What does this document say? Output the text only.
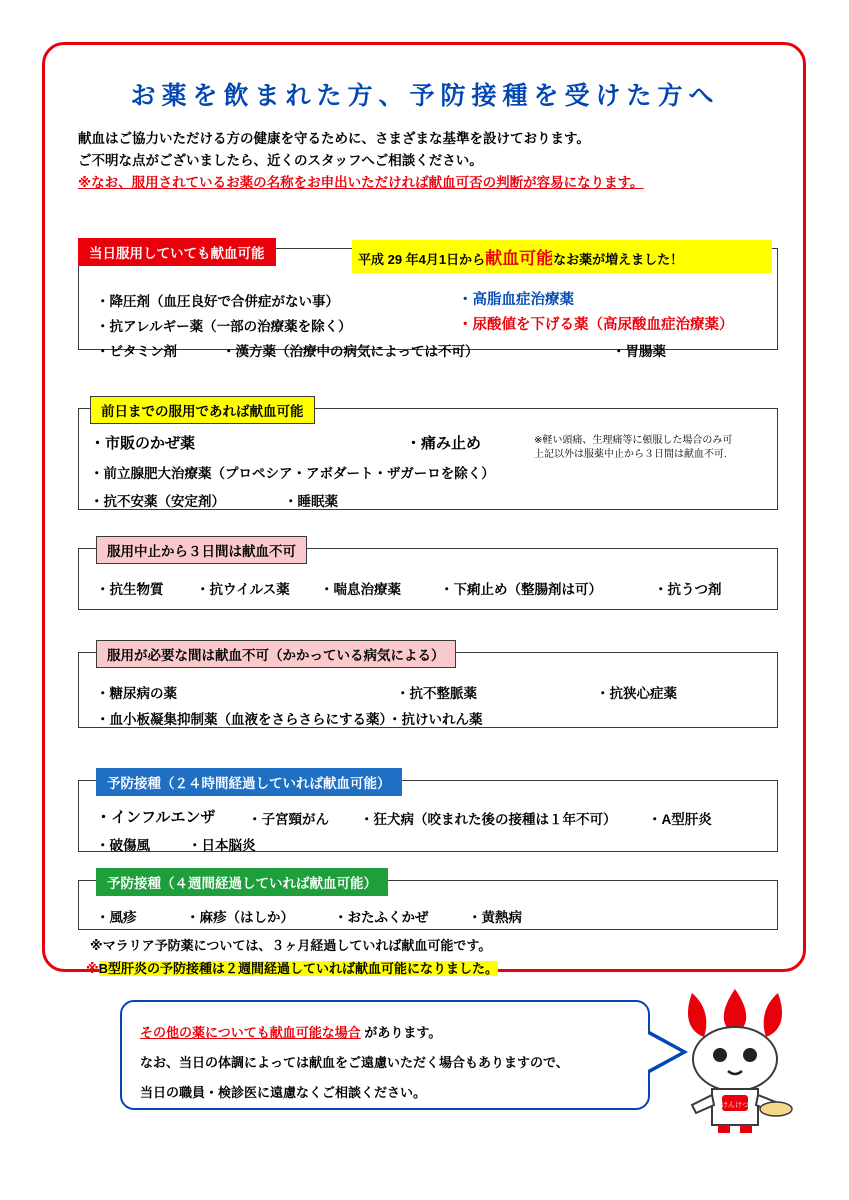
お薬を飲まれた方、予防接種を受けた方へ
献血はご協力いただける方の健康を守るために、さまざまな基準を設けております。
ご不明な点がございましたら、近くのスタッフへご相談ください。
※なお、服用されているお薬の名称をお申出いただければ献血可否の判断が容易になります。
当日服用していても献血可能	平成 29 年4月1日から献血可能なお薬が増えました！
・降圧剤（血圧良好で合併症がない事）	・高脂血症治療薬
・抗アレルギー薬（一部の治療薬を除く）	・尿酸値を下げる薬（高尿酸血症治療薬）
・ビタミン剤	・漢方薬（治療中の病気によっては不可）	・胃腸薬
前日までの服用であれば献血可能
・市販のかぜ薬	・痛み止め
・前立腺肥大治療薬（プロペシア・アボダート・ザガーロを除く）
・抗不安薬（安定剤）	・睡眠薬
※軽い頭痛、生理痛等に頓服した場合のみ可
上記以外は服薬中止から３日間は献血不可.
服用中止から３日間は献血不可
・抗生物質 ・抗ウイルス薬 ・喘息治療薬	・下痢止め（整腸剤は可）	・抗うつ剤
服用が必要な間は献血不可（かかっている病気による）
・糖尿病の薬	・抗不整脈薬	・抗狭心症薬
・血小板凝集抑制薬（血液をさらさらにする薬）
・抗けいれん薬
予防接種（２４時間経過していれば献血可能）
・インフルエンザ ・子宮頸がん ・狂犬病（咬まれた後の接種は１年不可） ・A型肝炎
・破傷風	・日本脳炎
予防接種（４週間経過していれば献血可能）
・風疹	・麻疹（はしか）	・おたふくかぜ	・黄熱病
※マラリア予防薬については、３ヶ月経過していれば献血可能です。
※B型肝炎の予防接種は２週間経過していれば献血可能になりました。
その他の薬についても献血可能な場合 があります。
なお、当日の体調によっては献血をご遠慮いただく場合もありますので、
当日の職員・検診医に遠慮なくご相談ください。
けんけつ
